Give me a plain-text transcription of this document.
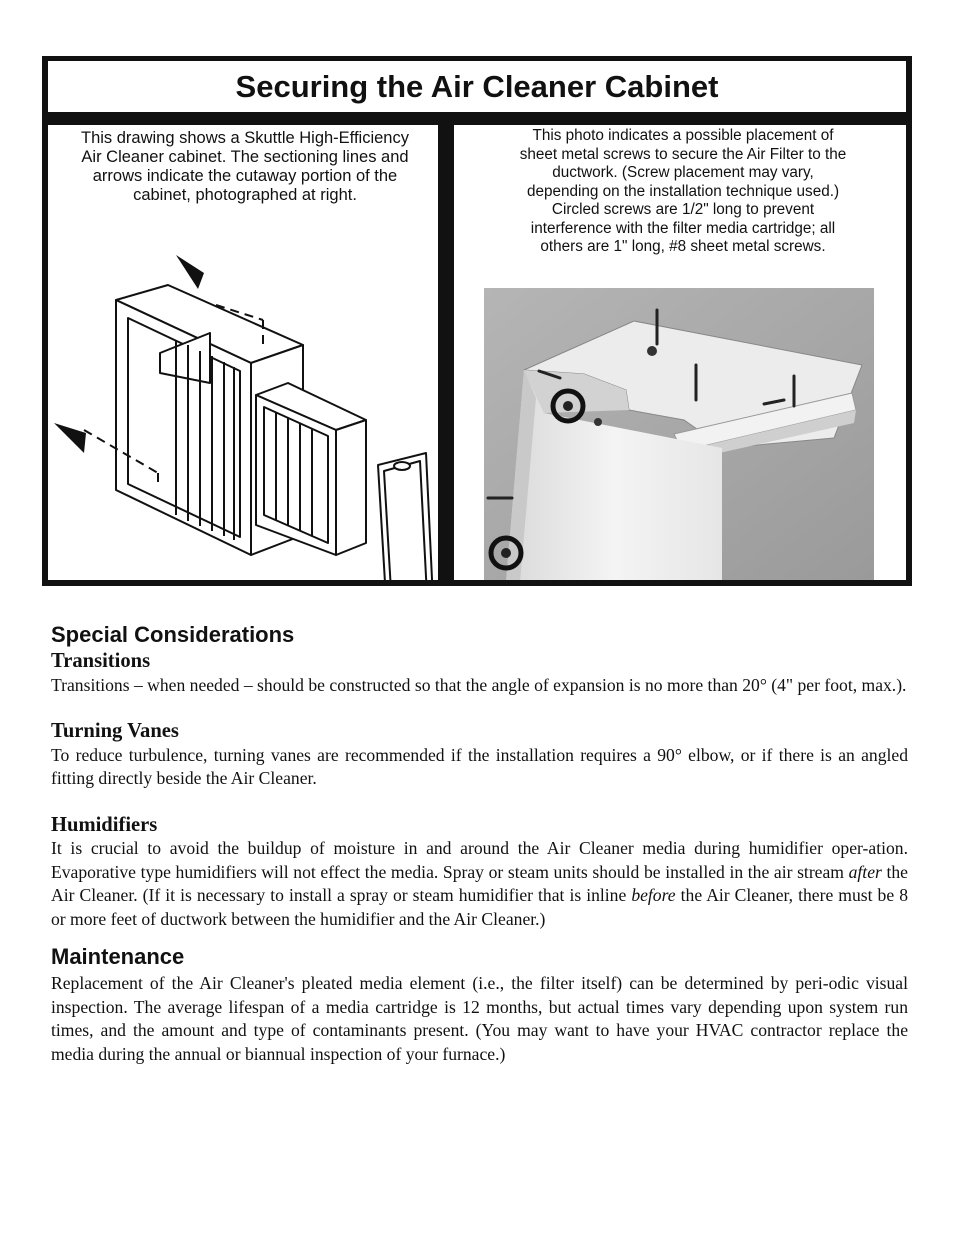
Securing the Air Cleaner Cabinet

This drawing shows a Skuttle High-Efficiency Air Cleaner cabinet. The sectioning lines and arrows indicate the cutaway portion of the cabinet, photographed at right.

This photo indicates a possible placement of sheet metal screws to secure the Air Filter to the ductwork. (Screw placement may vary, depending on the installation technique used.) Circled screws are 1/2" long to prevent interference with the filter media cartridge; all others are 1" long, #8 sheet metal screws.

Special Considerations
Transitions

Transitions – when needed – should be constructed so that the angle of expansion is no more than 20° (4" per foot, max.).

Turning Vanes

To reduce turbulence, turning vanes are recommended if the installation requires a 90° elbow, or if there is an angled fitting directly beside the Air Cleaner.

Humidifiers

It is crucial to avoid the buildup of moisture in and around the Air Cleaner media during humidifier oper-ation. Evaporative type humidifiers will not effect the media. Spray or steam units should be installed in the air stream after the Air Cleaner. (If it is necessary to install a spray or steam humidifier that is inline before the Air Cleaner, there must be 8 or more feet of ductwork between the humidifier and the Air Cleaner.)

Maintenance

Replacement of the Air Cleaner's pleated media element (i.e., the filter itself) can be determined by peri-odic visual inspection. The average lifespan of a media cartridge is 12 months, but actual times vary depending upon system run times, and the amount and type of contaminants present. (You may want to have your HVAC contractor replace the media during the annual or biannual inspection of your furnace.)
